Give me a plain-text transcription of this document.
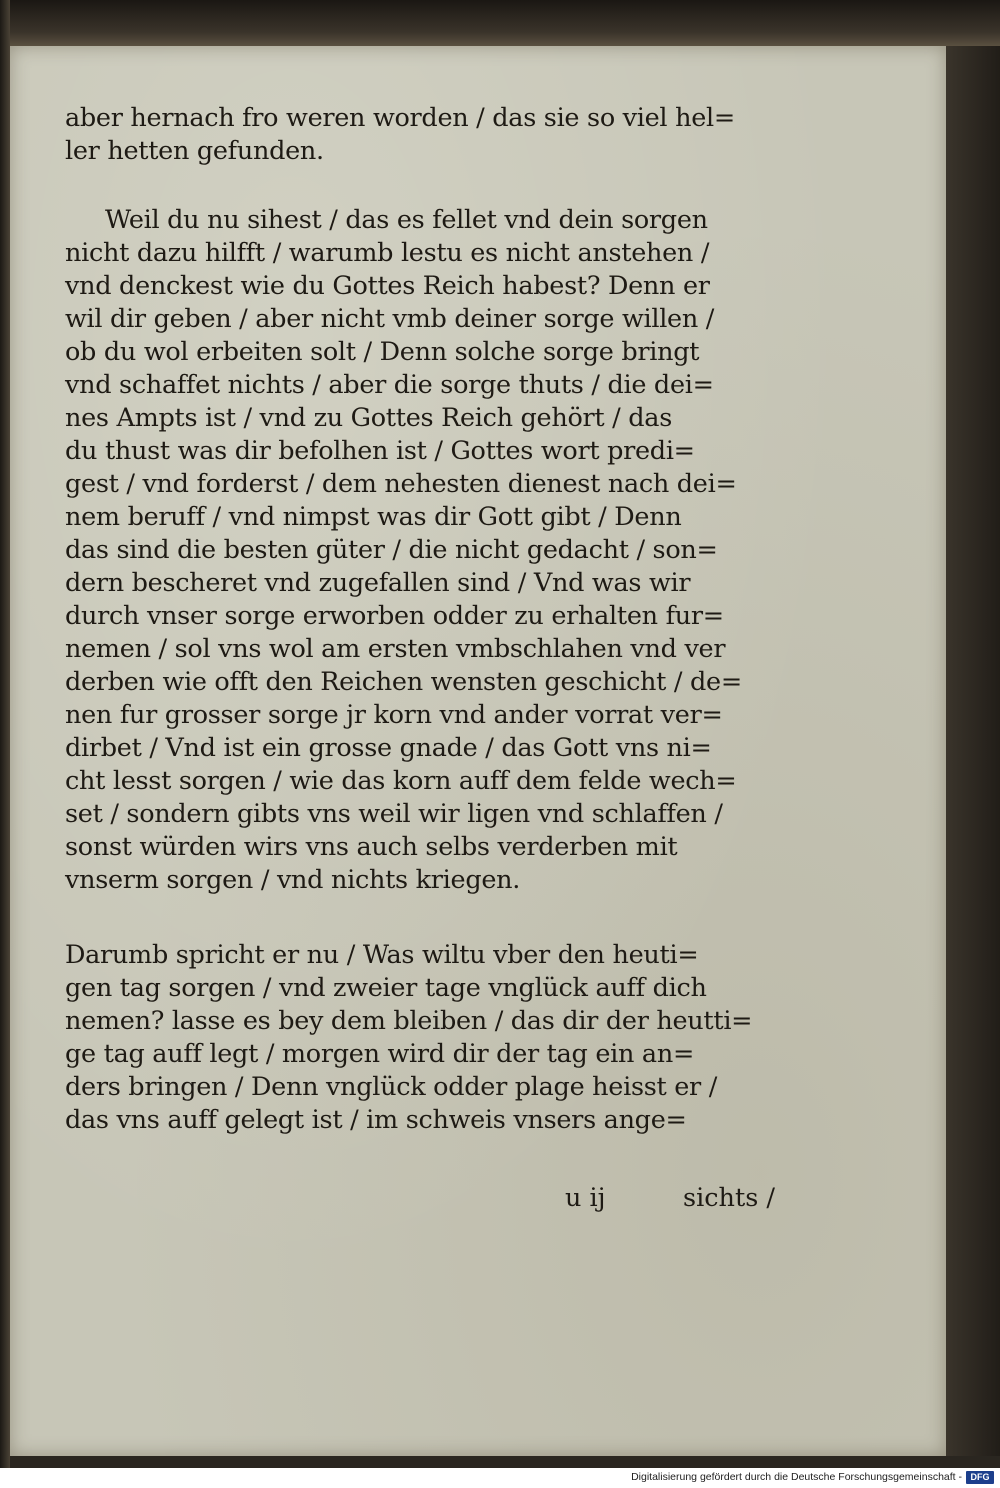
aber hernach fro weren worden / das sie so viel hel=
ler hetten gefunden.
Weil du nu sihest / das es fellet vnd dein sorgen
nicht dazu hilfft / warumb lestu es nicht anstehen /
vnd denckest wie du Gottes Reich habest? Denn er
wil dir geben / aber nicht vmb deiner sorge willen /
ob du wol erbeiten solt / Denn solche sorge bringt
vnd schaffet nichts / aber die sorge thuts / die dei=
nes Ampts ist / vnd zu Gottes Reich gehört / das
du thust was dir befolhen ist / Gottes wort predi=
gest / vnd forderst / dem nehesten dienest nach dei=
nem beruff / vnd nimpst was dir Gott gibt / Denn
das sind die besten güter / die nicht gedacht / son=
dern bescheret vnd zugefallen sind / Vnd was wir
durch vnser sorge erworben odder zu erhalten fur=
nemen / sol vns wol am ersten vmbschlahen vnd ver
derben wie offt den Reichen wensten geschicht / de=
nen fur grosser sorge jr korn vnd ander vorrat ver=
dirbet / Vnd ist ein grosse gnade / das Gott vns ni=
cht lesst sorgen / wie das korn auff dem felde wech=
set / sondern gibts vns weil wir ligen vnd schlaffen /
sonst würden wirs vns auch selbs verderben mit
vnserm sorgen / vnd nichts kriegen.
Darumb spricht er nu / Was wiltu vber den heuti=
gen tag sorgen / vnd zweier tage vnglück auff dich
nemen? lasse es bey dem bleiben / das dir der heutti=
ge tag auff legt / morgen wird dir der tag ein an=
ders bringen / Denn vnglück odder plage heisst er /
das vns auff gelegt ist / im schweis vnsers ange=
u ij	sichts /
Digitalisierung gefördert durch die Deutsche Forschungsgemeinschaft - DFG
